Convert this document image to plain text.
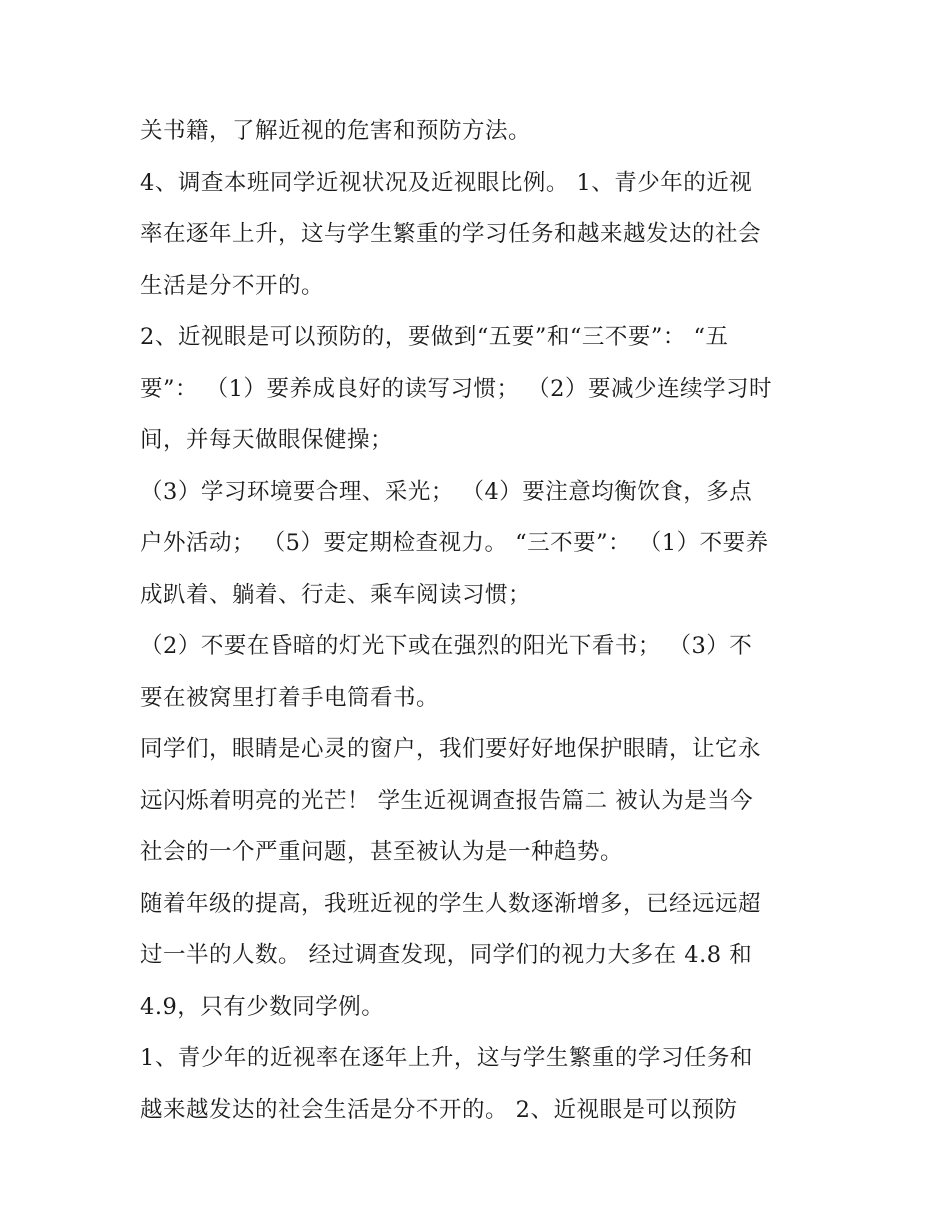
关书籍，了解近视的危害和预防方法。
4、调查本班同学近视状况及近视眼比例。 1、青少年的近视
率在逐年上升，这与学生繁重的学习任务和越来越发达的社会
生活是分不开的。
2、近视眼是可以预防的，要做到“五要”和“三不要”： “五
要”： （1）要养成良好的读写习惯； （2）要减少连续学习时
间，并每天做眼保健操；
（3）学习环境要合理、采光； （4）要注意均衡饮食，多点
户外活动； （5）要定期检查视力。 “三不要”： （1）不要养
成趴着、躺着、行走、乘车阅读习惯；
（2）不要在昏暗的灯光下或在强烈的阳光下看书； （3）不
要在被窝里打着手电筒看书。
同学们，眼睛是心灵的窗户，我们要好好地保护眼睛，让它永
远闪烁着明亮的光芒！ 学生近视调查报告篇二 被认为是当今
社会的一个严重问题，甚至被认为是一种趋势。
随着年级的提高，我班近视的学生人数逐渐增多，已经远远超
过一半的人数。 经过调查发现，同学们的视力大多在 4.8 和
4.9，只有少数同学例。
1、青少年的近视率在逐年上升，这与学生繁重的学习任务和
越来越发达的社会生活是分不开的。 2、近视眼是可以预防
